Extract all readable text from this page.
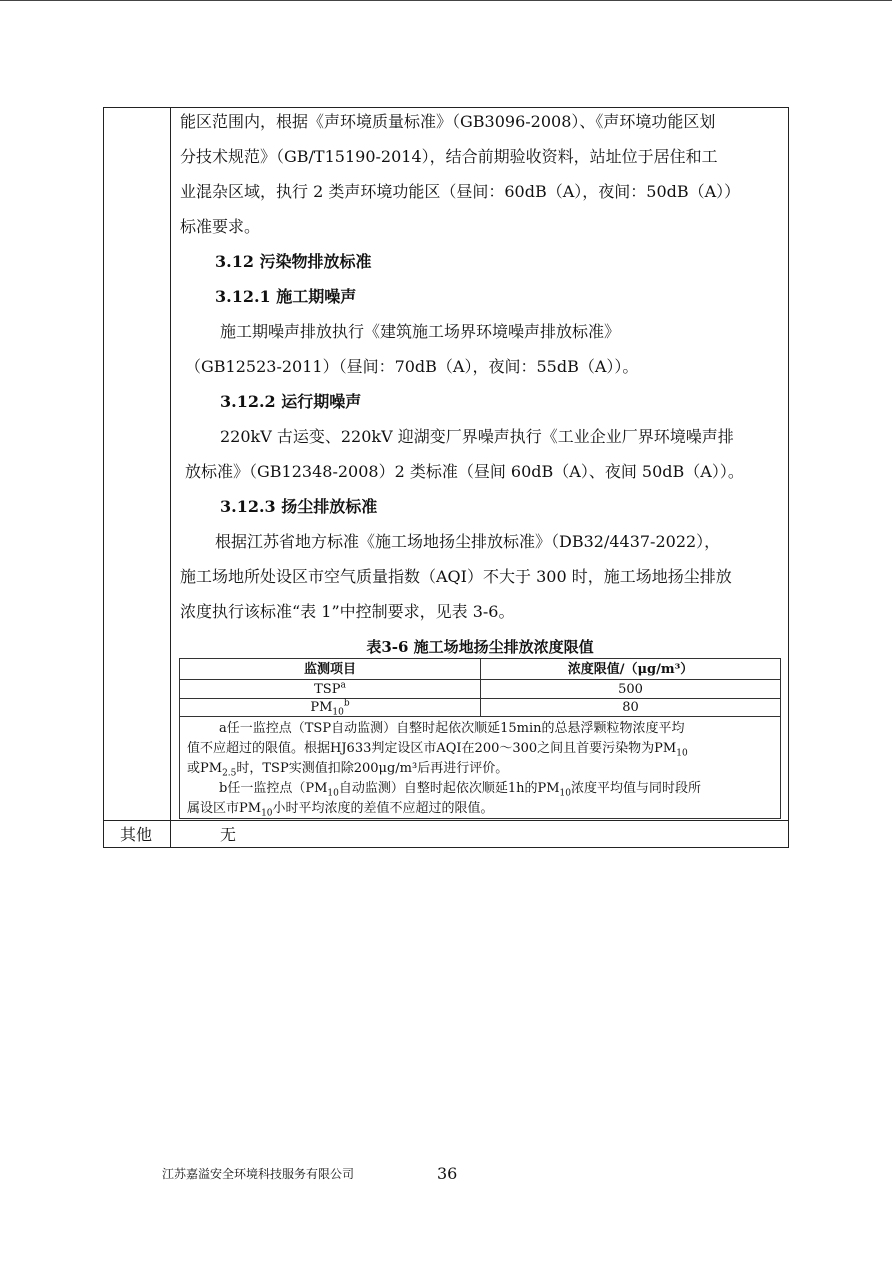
能区范围内，根据《声环境质量标准》（GB3096-2008）、《声环境功能区划
分技术规范》（GB/T15190-2014），结合前期验收资料，站址位于居住和工
业混杂区域，执行 2 类声环境功能区（昼间：60dB（A），夜间：50dB（A））
标准要求。
3.12 污染物排放标准
3.12.1 施工期噪声
施工期噪声排放执行《建筑施工场界环境噪声排放标准》
（GB12523-2011）（昼间：70dB（A），夜间：55dB（A））。
3.12.2 运行期噪声
220kV 古运变、220kV 迎湖变厂界噪声执行《工业企业厂界环境噪声排
放标准》（GB12348-2008）2 类标准（昼间 60dB（A）、夜间 50dB（A））。
3.12.3 扬尘排放标准
根据江苏省地方标准《施工场地扬尘排放标准》（DB32/4437-2022），
施工场地所处设区市空气质量指数（AQI）不大于 300 时，施工场地扬尘排放
浓度执行该标准“表 1”中控制要求，见表 3-6。
表3-6 施工场地扬尘排放浓度限值
监测项目	浓度限值/（μg/m³）
TSP$^a$	500
$PM_{10}^b$	80
a任一监控点（TSP自动监测）自整时起依次顺延15min的总悬浮颗粒物浓度平均
值不应超过的限值。根据HJ633判定设区市AQI在200～300之间且首要污染物为$PM_{10}$
或$PM_{2.5}$时，TSP实测值扣除200μg/m³后再进行评价。
b任一监控点（$PM_{10}$自动监测）自整时起依次顺延1h的$PM_{10}$浓度平均值与同时段所
属设区市$PM_{10}$小时平均浓度的差值不应超过的限值。
其他	无
江苏嘉溢安全环境科技服务有限公司	36
